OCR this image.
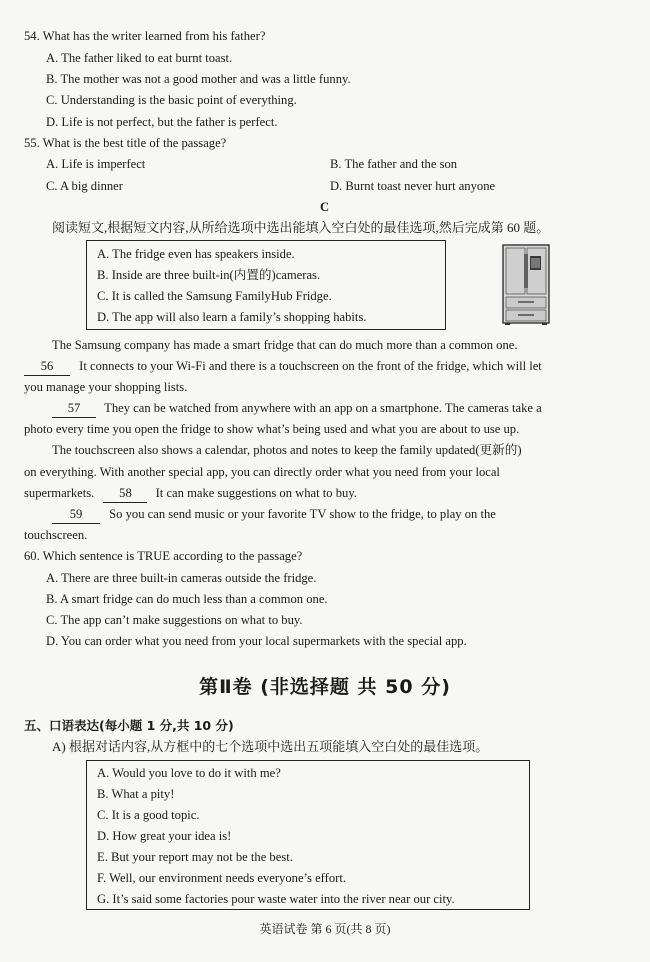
54. What has the writer learned from his father?
A. The father liked to eat burnt toast.
B. The mother was not a good mother and was a little funny.
C. Understanding is the basic point of everything.
D. Life is not perfect, but the father is perfect.
55. What is the best title of the passage?
A. Life is imperfect	B. The father and the son
C. A big dinner	D. Burnt toast never hurt anyone
C
阅读短文,根据短文内容,从所给选项中选出能填入空白处的最佳选项,然后完成第 60 题。
A. The fridge even has speakers inside.
B. Inside are three built-in(内置的)cameras.
C. It is called the Samsung FamilyHub Fridge.
D. The app will also learn a family’s shopping habits.
The Samsung company has made a smart fridge that can do much more than a common one.
56 It connects to your Wi-Fi and there is a touchscreen on the front of the fridge, which will let
you manage your shopping lists.
57 They can be watched from anywhere with an app on a smartphone. The cameras take a
photo every time you open the fridge to show what’s being used and what you are about to use up.
The touchscreen also shows a calendar, photos and notes to keep the family updated(更新的)
on everything. With another special app, you can directly order what you need from your local
supermarkets. 58 It can make suggestions on what to buy.
59 So you can send music or your favorite TV show to the fridge, to play on the
touchscreen.
60. Which sentence is TRUE according to the passage?
A. There are three built-in cameras outside the fridge.
B. A smart fridge can do much less than a common one.
C. The app can’t make suggestions on what to buy.
D. You can order what you need from your local supermarkets with the special app.
第Ⅱ卷 (非选择题 共 50 分)
五、口语表达(每小题 1 分,共 10 分)
A) 根据对话内容,从方框中的七个选项中选出五项能填入空白处的最佳选项。
A. Would you love to do it with me?
B. What a pity!
C. It is a good topic.
D. How great your idea is!
E. But your report may not be the best.
F. Well, our environment needs everyone’s effort.
G. It’s said some factories pour waste water into the river near our city.
英语试卷 第 6 页(共 8 页)
